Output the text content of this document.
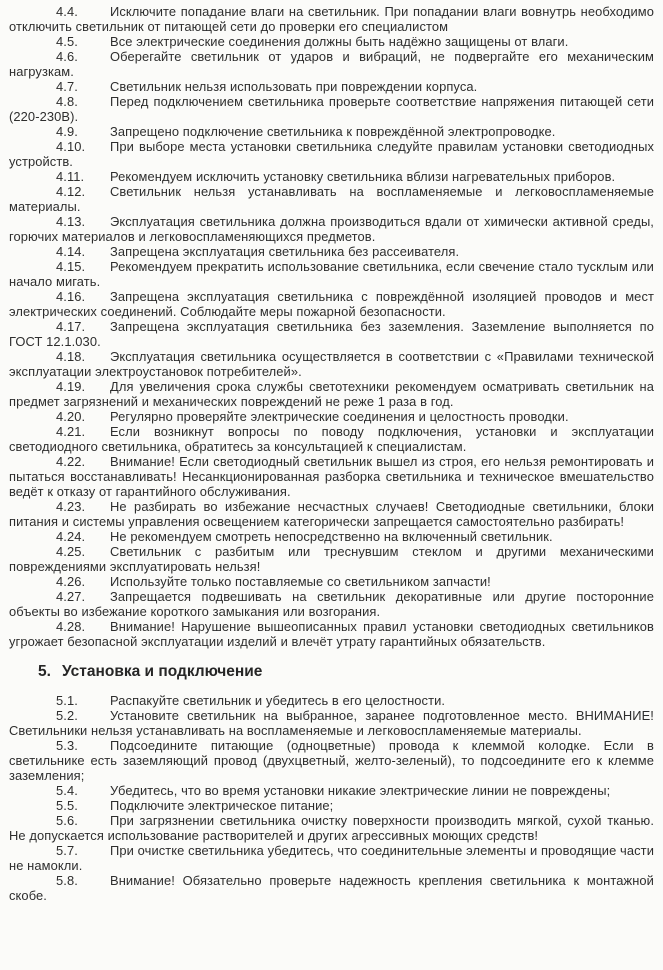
4.4. Исключите попадание влаги на светильник. При попадании влаги вовнутрь необходимо отключить светильник от питающей сети до проверки его специалистом

4.5. Все электрические соединения должны быть надёжно защищены от влаги.

4.6. Оберегайте светильник от ударов и вибраций, не подвергайте его механическим нагрузкам.

4.7. Светильник нельзя использовать при повреждении корпуса.

4.8. Перед подключением светильника проверьте соответствие напряжения питающей сети (220-230В).

4.9. Запрещено подключение светильника к повреждённой электропроводке.

4.10. При выборе места установки светильника следуйте правилам установки светодиодных устройств.

4.11. Рекомендуем исключить установку светильника вблизи нагревательных приборов.

4.12. Светильник нельзя устанавливать на воспламеняемые и легковоспламеняемые материалы.

4.13. Эксплуатация светильника должна производиться вдали от химически активной среды, горючих материалов и легковоспламеняющихся предметов.

4.14. Запрещена эксплуатация светильника без рассеивателя.

4.15. Рекомендуем прекратить использование светильника, если свечение стало тусклым или начало мигать.

4.16. Запрещена эксплуатация светильника с повреждённой изоляцией проводов и мест электрических соединений. Соблюдайте меры пожарной безопасности.

4.17. Запрещена эксплуатация светильника без заземления. Заземление выполняется по ГОСТ 12.1.030.

4.18. Эксплуатация светильника осуществляется в соответствии с «Правилами технической эксплуатации электроустановок потребителей».

4.19. Для увеличения срока службы светотехники рекомендуем осматривать светильник на предмет загрязнений и механических повреждений не реже 1 раза в год.

4.20. Регулярно проверяйте электрические соединения и целостность проводки.

4.21. Если возникнут вопросы по поводу подключения, установки и эксплуатации светодиодного светильника, обратитесь за консультацией к специалистам.

4.22. Внимание! Если светодиодный светильник вышел из строя, его нельзя ремонтировать и пытаться восстанавливать! Несанкционированная разборка светильника и техническое вмешательство ведёт к отказу от гарантийного обслуживания.

4.23. Не разбирать во избежание несчастных случаев! Светодиодные светильники, блоки питания и системы управления освещением категорически запрещается самостоятельно разбирать!

4.24. Не рекомендуем смотреть непосредственно на включенный светильник.

4.25. Светильник с разбитым или треснувшим стеклом и другими механическими повреждениями эксплуатировать нельзя!

4.26. Используйте только поставляемые со светильником запчасти!

4.27. Запрещается подвешивать на светильник декоративные или другие посторонние объекты во избежание короткого замыкания или возгорания.

4.28. Внимание! Нарушение вышеописанных правил установки светодиодных светильников угрожает безопасной эксплуатации изделий и влечёт утрату гарантийных обязательств.

5. Установка и подключение

5.1. Распакуйте светильник и убедитесь в его целостности.

5.2. Установите светильник на выбранное, заранее подготовленное место. ВНИМАНИЕ! Светильники нельзя устанавливать на воспламеняемые и легковоспламеняемые материалы.

5.3. Подсоедините питающие (одноцветные) провода к клеммой колодке. Если в светильнике есть заземляющий провод (двухцветный, желто-зеленый), то подсоедините его к клемме заземления;

5.4. Убедитесь, что во время установки никакие электрические линии не повреждены;

5.5. Подключите электрическое питание;

5.6. При загрязнении светильника очистку поверхности производить мягкой, сухой тканью. Не допускается использование растворителей и других агрессивных моющих средств!

5.7. При очистке светильника убедитесь, что соединительные элементы и проводящие части не намокли.

5.8. Внимание! Обязательно проверьте надежность крепления светильника к монтажной скобе.
